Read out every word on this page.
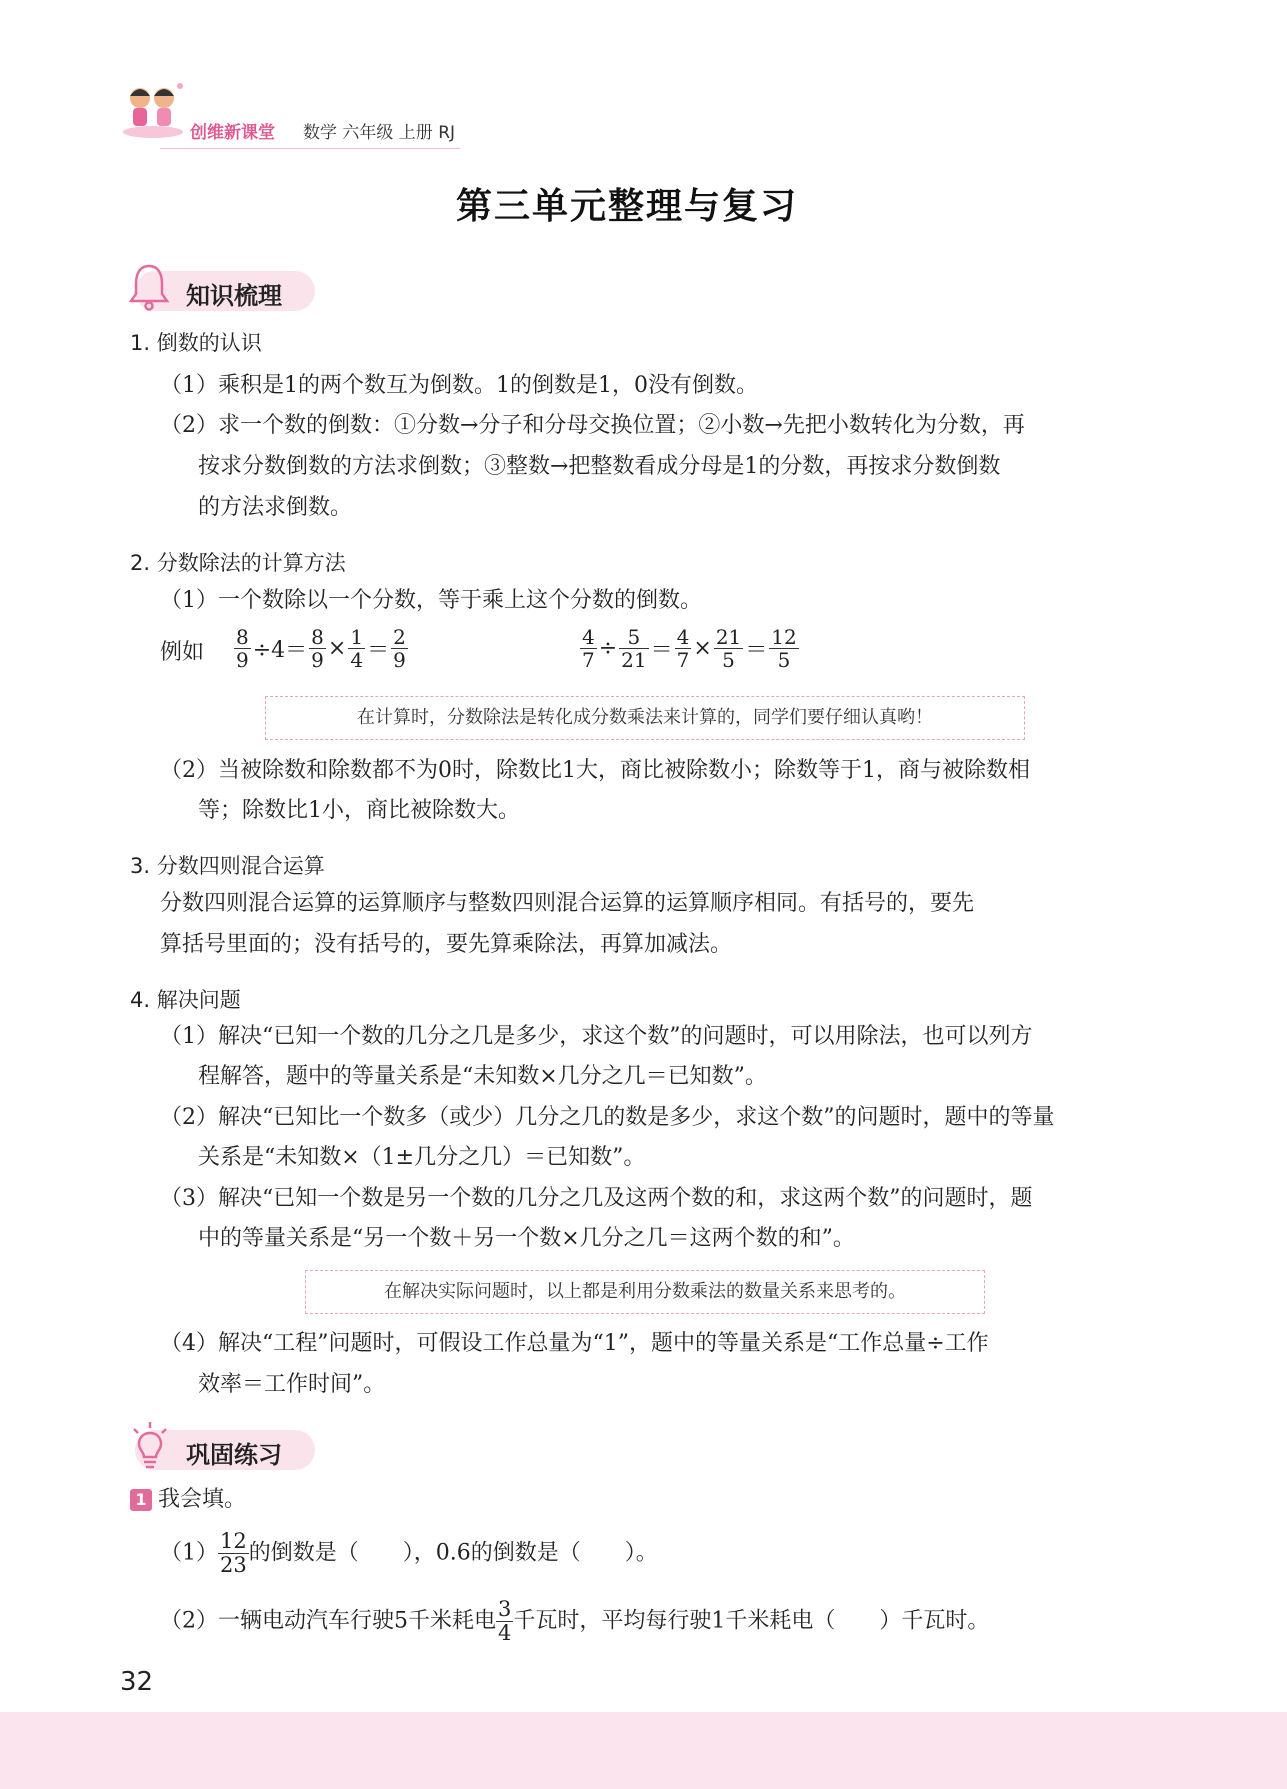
创维新课堂 数学 六年级 上册 RJ
第三单元整理与复习
知识梳理
1. 倒数的认识
（1）乘积是1的两个数互为倒数。1的倒数是1，0没有倒数。
（2）求一个数的倒数：①分数→分子和分母交换位置；②小数→先把小数转化为分数，再
按求分数倒数的方法求倒数；③整数→把整数看成分母是1的分数，再按求分数倒数
的方法求倒数。
2. 分数除法的计算方法
（1）一个数除以一个分数，等于乘上这个分数的倒数。
例如 $\frac{8}{9} \div 4= \frac{8}{9} \times \frac{1}{4} = \frac{2}{9}$	$\frac{4}{7} \div \frac{5}{21} = \frac{4}{7} \times \frac{21}{5} = \frac{12}{5}$
在计算时，分数除法是转化成分数乘法来计算的，同学们要仔细认真哟！
（2）当被除数和除数都不为0时，除数比1大，商比被除数小；除数等于1，商与被除数相
等；除数比1小，商比被除数大。
3. 分数四则混合运算
分数四则混合运算的运算顺序与整数四则混合运算的运算顺序相同。有括号的，要先
算括号里面的；没有括号的，要先算乘除法，再算加减法。
4. 解决问题
（1）解决“已知一个数的几分之几是多少，求这个数”的问题时，可以用除法，也可以列方
程解答，题中的等量关系是“未知数×几分之几＝已知数”。
（2）解决“已知比一个数多（或少）几分之几的数是多少，求这个数”的问题时，题中的等量
关系是“未知数×（1±几分之几）＝已知数”。
（3）解决“已知一个数是另一个数的几分之几及这两个数的和，求这两个数”的问题时，题
中的等量关系是“另一个数＋另一个数×几分之几＝这两个数的和”。
在解决实际问题时，以上都是利用分数乘法的数量关系来思考的。
（4）解决“工程”问题时，可假设工作总量为“1”，题中的等量关系是“工作总量÷工作
效率＝工作时间”。
巩固练习
1 我会填。
$(1) \frac{12}{23}$ 的倒数是（　　），0.6的倒数是（　　）。
（2）一辆电动汽车行驶5千米耗电 $\frac{3}{4}$ 千瓦时，平均每行驶1千米耗电（　　）千瓦时。
32
